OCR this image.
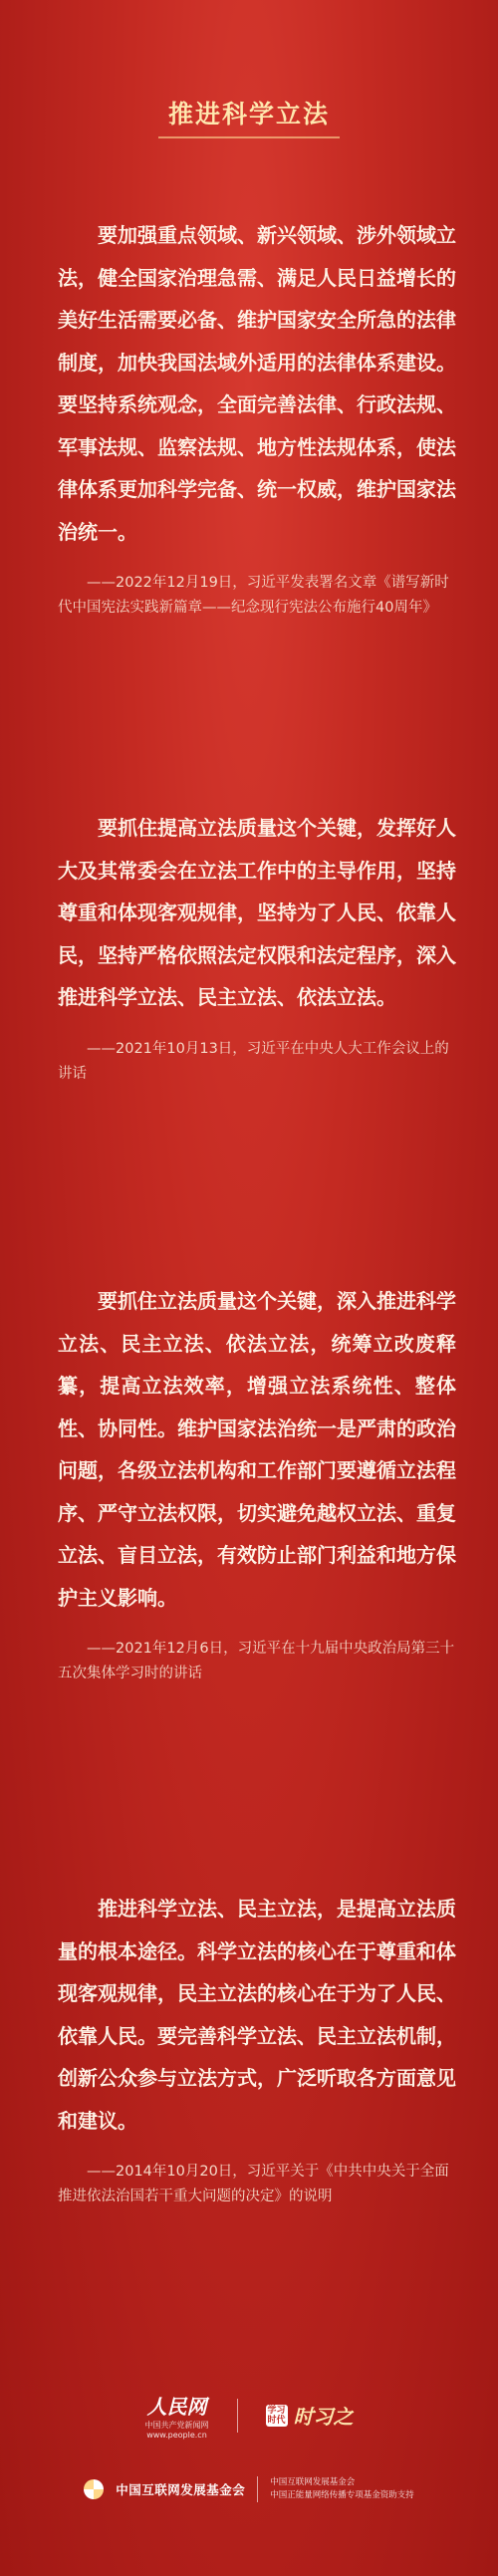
推进科学立法

要加强重点领域、新兴领域、涉外领域立法，健全国家治理急需、满足人民日益增长的美好生活需要必备、维护国家安全所急的法律制度，加快我国法域外适用的法律体系建设。要坚持系统观念，全面完善法律、行政法规、军事法规、监察法规、地方性法规体系，使法律体系更加科学完备、统一权威，维护国家法治统一。

——2022年12月19日，习近平发表署名文章《谱写新时代中国宪法实践新篇章——纪念现行宪法公布施行40周年》

要抓住提高立法质量这个关键，发挥好人大及其常委会在立法工作中的主导作用，坚持尊重和体现客观规律，坚持为了人民、依靠人民，坚持严格依照法定权限和法定程序，深入推进科学立法、民主立法、依法立法。

——2021年10月13日，习近平在中央人大工作会议上的讲话

要抓住立法质量这个关键，深入推进科学立法、民主立法、依法立法，统筹立改废释纂，提高立法效率，增强立法系统性、整体性、协同性。维护国家法治统一是严肃的政治问题，各级立法机构和工作部门要遵循立法程序、严守立法权限，切实避免越权立法、重复立法、盲目立法，有效防止部门利益和地方保护主义影响。

——2021年12月6日，习近平在十九届中央政治局第三十五次集体学习时的讲话

推进科学立法、民主立法，是提高立法质量的根本途径。科学立法的核心在于尊重和体现客观规律，民主立法的核心在于为了人民、依靠人民。要完善科学立法、民主立法机制，创新公众参与立法方式，广泛听取各方面意见和建议。

——2014年10月20日，习近平关于《中共中央关于全面推进依法治国若干重大问题的决定》的说明

人民网
中国共产党新闻网
www.people.cn
学习时代 时习之
中国互联网发展基金会	中国互联网发展基金会
中国正能量网络传播专项基金资助支持
